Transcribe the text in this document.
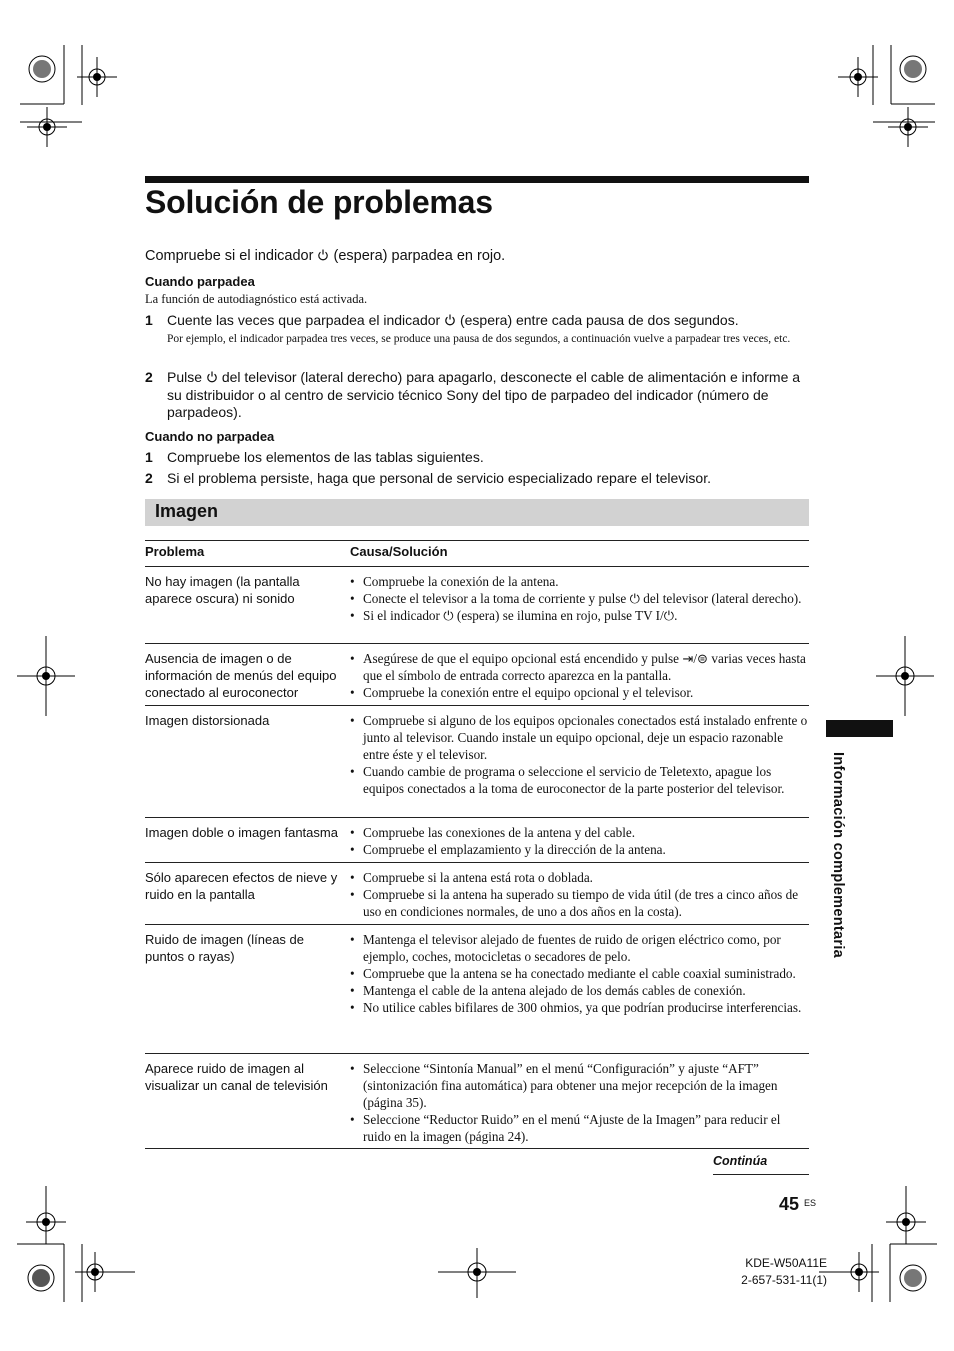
Solución de problemas
Compruebe si el indicador (espera) parpadea en rojo.
Cuando parpadea
La función de autodiagnóstico está activada.
1	Cuente las veces que parpadea el indicador (espera) entre cada pausa de dos segundos.
Por ejemplo, el indicador parpadea tres veces, se produce una pausa de dos segundos, a continuación vuelve a parpadear tres veces, etc.
2	Pulse del televisor (lateral derecho) para apagarlo, desconecte el cable de alimentación e informe a su distribuidor o al centro de servicio técnico Sony del tipo de parpadeo del indicador (número de parpadeos).
Cuando no parpadea
1	Compruebe los elementos de las tablas siguientes.
2	Si el problema persiste, haga que personal de servicio especializado repare el televisor.
Imagen
Problema	Causa/Solución
No hay imagen (la pantalla aparece oscura) ni sonido
• Compruebe la conexión de la antena.
• Conecte el televisor a la toma de corriente y pulse ⏻ del televisor (lateral derecho).
• Si el indicador ⏻ (espera) se ilumina en rojo, pulse TV I/⏻.
Ausencia de imagen o de información de menús del equipo conectado al euroconector
• Asegúrese de que el equipo opcional está encendido y pulse ⇥/⊜ varias veces hasta que el símbolo de entrada correcto aparezca en la pantalla.
• Compruebe la conexión entre el equipo opcional y el televisor.
Imagen distorsionada	• Compruebe si alguno de los equipos opcionales conectados está instalado enfrente o junto al televisor. Cuando instale un equipo opcional, deje un espacio razonable entre éste y el televisor.
• Cuando cambie de programa o seleccione el servicio de Teletexto, apague los equipos conectados a la toma de euroconector de la parte posterior del televisor.
Imagen doble o imagen fantasma	• Compruebe las conexiones de la antena y del cable.
• Compruebe el emplazamiento y la dirección de la antena.
Sólo aparecen efectos de nieve y ruido en la pantalla
• Compruebe si la antena está rota o doblada.
• Compruebe si la antena ha superado su tiempo de vida útil (de tres a cinco años de uso en condiciones normales, de uno a dos años en la costa).
Ruido de imagen (líneas de puntos o rayas)
• Mantenga el televisor alejado de fuentes de ruido de origen eléctrico como, por ejemplo, coches, motocicletas o secadores de pelo.
• Compruebe que la antena se ha conectado mediante el cable coaxial suministrado.
• Mantenga el cable de la antena alejado de los demás cables de conexión.
• No utilice cables bifilares de 300 ohmios, ya que podrían producirse interferencias.
Aparece ruido de imagen al visualizar un canal de televisión
• Seleccione “Sintonía Manual” en el menú “Configuración” y ajuste “AFT” (sintonización fina automática) para obtener una mejor recepción de la imagen (página 35).
• Seleccione “Reductor Ruido” en el menú “Ajuste de la Imagen” para reducir el ruido en la imagen (página 24).
Información complementaria
Continúa
45 ES
KDE-W50A11E
2-657-531-11(1)
